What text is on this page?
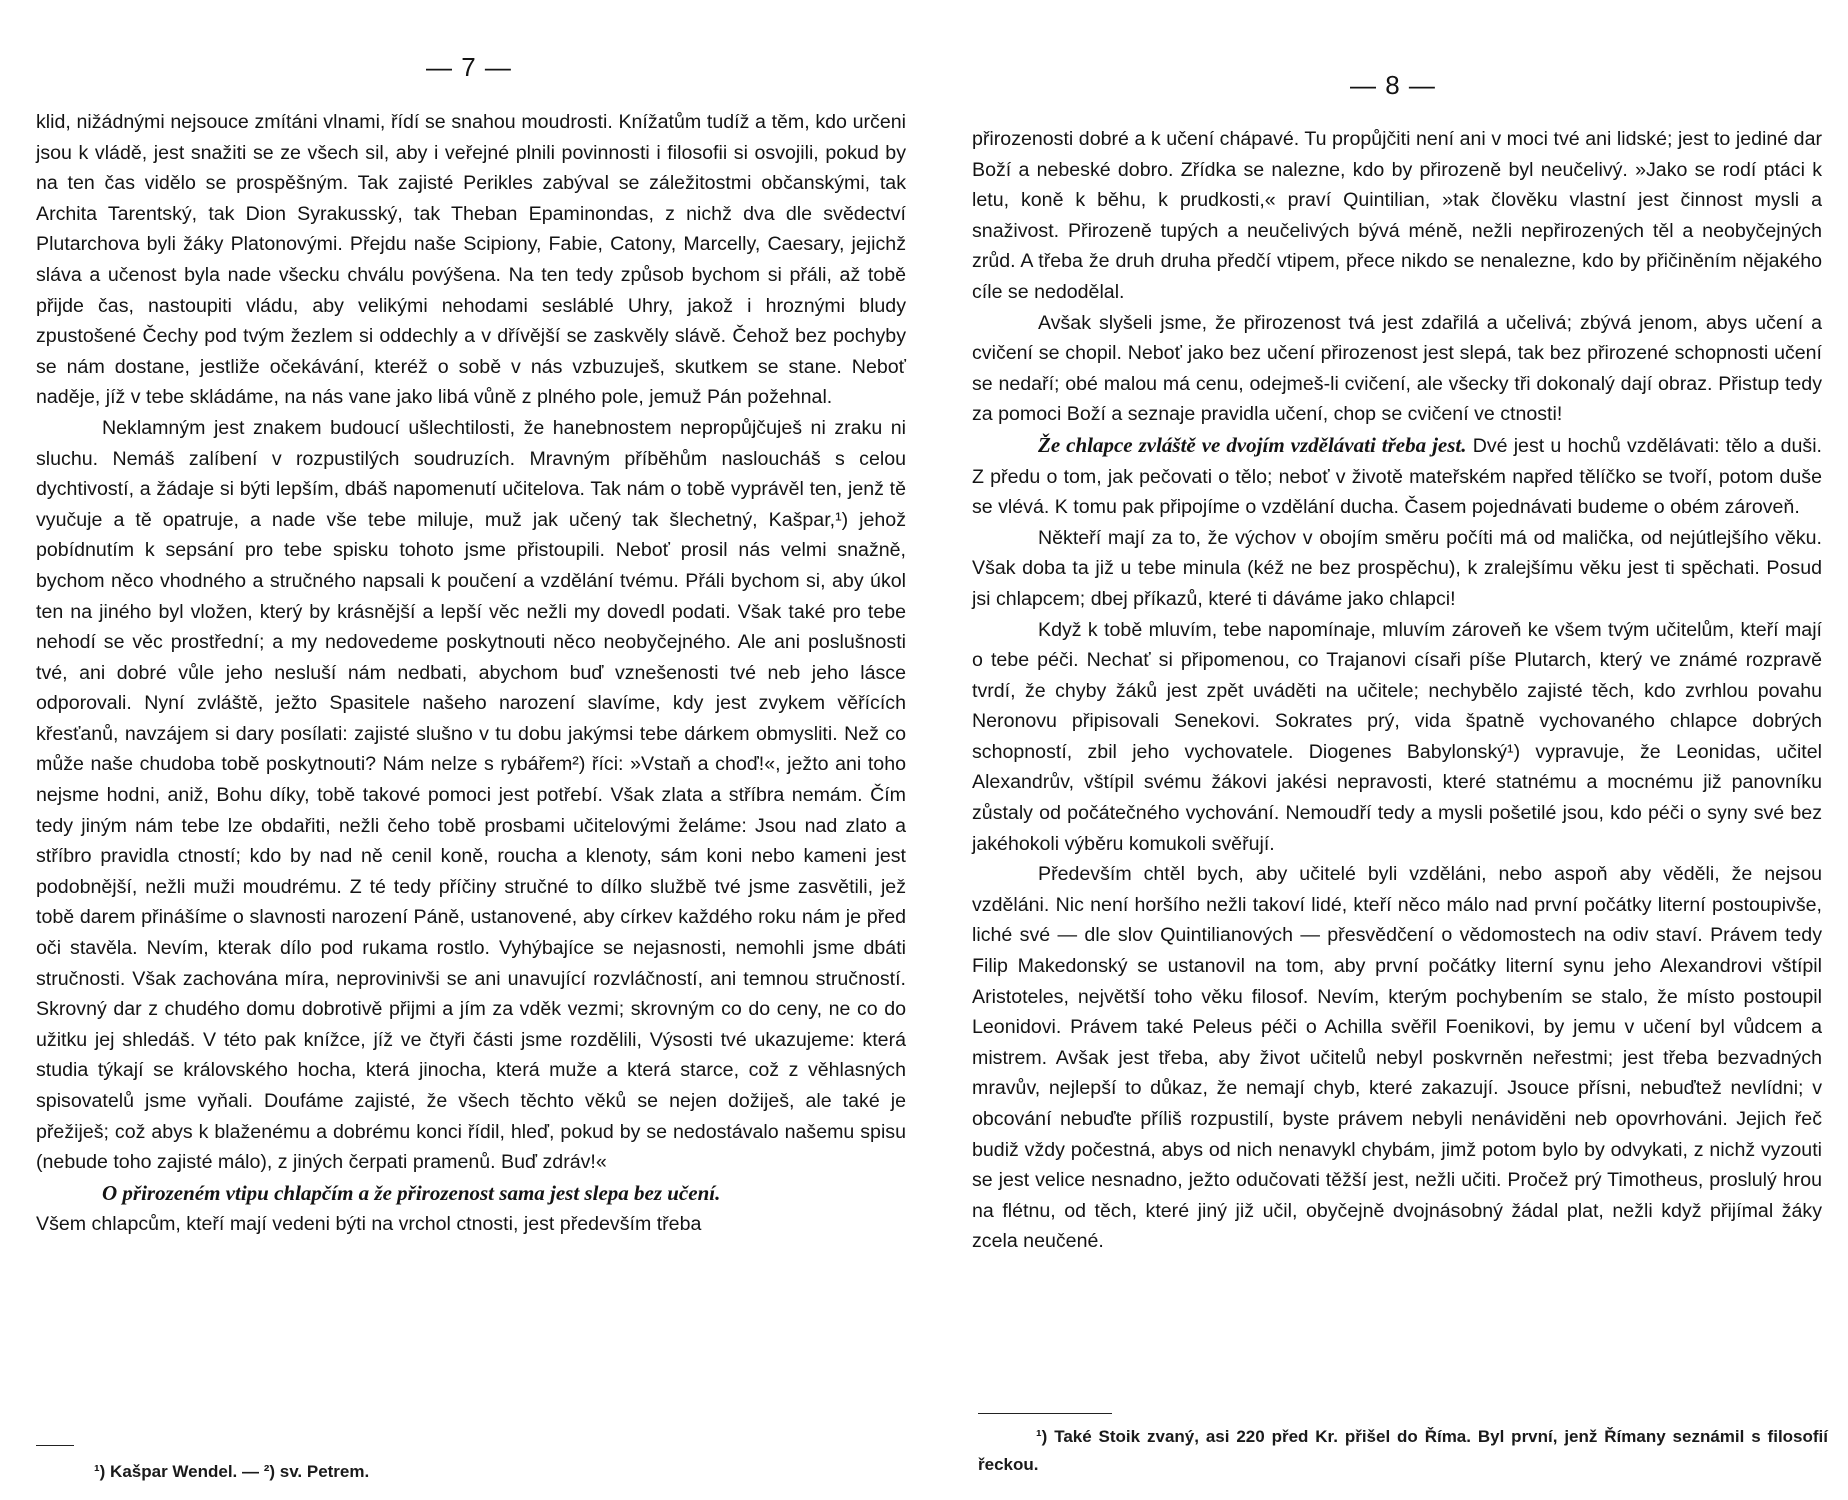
— 7 —

klid, nižádnými nejsouce zmítáni vlnami, řídí se snahou moudrosti. Knížatům tudíž a těm, kdo určeni jsou k vládě, jest snažiti se ze všech sil, aby i veřejné plnili povinnosti i filosofii si osvojili, pokud by na ten čas vidělo se prospěšným. Tak zajisté Perikles zabýval se záležitostmi občanskými, tak Archita Tarentský, tak Dion Syrakusský, tak Theban Epaminondas, z nichž dva dle svědectví Plutarchova byli žáky Platonovými. Přejdu naše Scipiony, Fabie, Catony, Marcelly, Caesary, jejichž sláva a učenost byla nade všecku chválu povýšena. Na ten tedy způsob bychom si přáli, až tobě přijde čas, nastoupiti vládu, aby velikými nehodami sesláblé Uhry, jakož i hroznými bludy zpustošené Čechy pod tvým žezlem si oddechly a v dřívější se zaskvěly slávě. Čehož bez pochyby se nám dostane, jestliže očekávání, kteréž o sobě v nás vzbuzuješ, skutkem se stane. Neboť naděje, jíž v tebe skládáme, na nás vane jako libá vůně z plného pole, jemuž Pán požehnal.

Neklamným jest znakem budoucí ušlechtilosti, že hanebnostem nepropůjčuješ ni zraku ni sluchu. Nemáš zalíbení v rozpustilých soudruzích. Mravným příběhům nasloucháš s celou dychtivostí, a žádaje si býti lepším, dbáš napomenutí učitelova. Tak nám o tobě vyprávěl ten, jenž tě vyučuje a tě opatruje, a nade vše tebe miluje, muž jak učený tak šlechetný, Kašpar,¹) jehož pobídnutím k sepsání pro tebe spisku tohoto jsme přistoupili. Neboť prosil nás velmi snažně, bychom něco vhodného a stručného napsali k poučení a vzdělání tvému. Přáli bychom si, aby úkol ten na jiného byl vložen, který by krásnější a lepší věc nežli my dovedl podati. Však také pro tebe nehodí se věc prostřední; a my nedovedeme poskytnouti něco neobyčejného. Ale ani poslušnosti tvé, ani dobré vůle jeho nesluší nám nedbati, abychom buď vznešenosti tvé neb jeho lásce odporovali. Nyní zvláště, ježto Spasitele našeho narození slavíme, kdy jest zvykem věřících křesťanů, navzájem si dary posílati: zajisté slušno v tu dobu jakýmsi tebe dárkem obmysliti. Než co může naše chudoba tobě poskytnouti? Nám nelze s rybářem²) říci: »Vstaň a choď!«, ježto ani toho nejsme hodni, aniž, Bohu díky, tobě takové pomoci jest potřebí. Však zlata a stříbra nemám. Čím tedy jiným nám tebe lze obdařiti, nežli čeho tobě prosbami učitelovými želáme: Jsou nad zlato a stříbro pravidla ctností; kdo by nad ně cenil koně, roucha a klenoty, sám koni nebo kameni jest podobnější, nežli muži moudrému. Z té tedy příčiny stručné to dílko službě tvé jsme zasvětili, jež tobě darem přinášíme o slavnosti narození Páně, ustanovené, aby církev každého roku nám je před oči stavěla. Nevím, kterak dílo pod rukama rostlo. Vyhýbajíce se nejasnosti, nemohli jsme dbáti stručnosti. Však zachována míra, neprovinivši se ani unavující rozvláčností, ani temnou stručností. Skrovný dar z chudého domu dobrotivě přijmi a jím za vděk vezmi; skrovným co do ceny, ne co do užitku jej shledáš. V této pak knížce, jíž ve čtyři části jsme rozdělili, Výsosti tvé ukazujeme: která studia týkají se královského hocha, která jinocha, která muže a která starce, což z věhlasných spisovatelů jsme vyňali. Doufáme zajisté, že všech těchto věků se nejen dožiješ, ale také je přežiješ; což abys k blaženému a dobrému konci řídil, hleď, pokud by se nedostávalo našemu spisu (nebude toho zajisté málo), z jiných čerpati pramenů. Buď zdráv!«

O přirozeném vtipu chlapčím a že přirozenost sama jest slepa bez učení.

Všem chlapcům, kteří mají vedeni býti na vrchol ctnosti, jest především třeba

¹) Kašpar Wendel. — ²) sv. Petrem.
— 8 —

přirozenosti dobré a k učení chápavé. Tu propůjčiti není ani v moci tvé ani lidské; jest to jediné dar Boží a nebeské dobro. Zřídka se nalezne, kdo by přirozeně byl neučelivý. »Jako se rodí ptáci k letu, koně k běhu, k prudkosti,« praví Quintilian, »tak člověku vlastní jest činnost mysli a snaživost. Přirozeně tupých a neučelivých bývá méně, nežli nepřirozených těl a neobyčejných zrůd. A třeba že druh druha předčí vtipem, přece nikdo se nenalezne, kdo by přičiněním nějakého cíle se nedodělal.

Avšak slyšeli jsme, že přirozenost tvá jest zdařilá a učelivá; zbývá jenom, abys učení a cvičení se chopil. Neboť jako bez učení přirozenost jest slepá, tak bez přirozené schopnosti učení se nedaří; obé malou má cenu, odejmeš-li cvičení, ale všecky tři dokonalý dají obraz. Přistup tedy za pomoci Boží a seznaje pravidla učení, chop se cvičení ve ctnosti!

Že chlapce zvláště ve dvojím vzdělávati třeba jest. Dvé jest u hochů vzdělávati: tělo a duši. Z předu o tom, jak pečovati o tělo; neboť v životě mateřském napřed tělíčko se tvoří, potom duše se vlévá. K tomu pak připojíme o vzdělání ducha. Časem pojednávati budeme o obém zároveň.

Někteří mají za to, že výchov v obojím směru počíti má od malička, od nejútlejšího věku. Však doba ta již u tebe minula (kéž ne bez prospěchu), k zralejšímu věku jest ti spěchati. Posud jsi chlapcem; dbej příkazů, které ti dáváme jako chlapci!

Když k tobě mluvím, tebe napomínaje, mluvím zároveň ke všem tvým učitelům, kteří mají o tebe péči. Nechať si připomenou, co Trajanovi císaři píše Plutarch, který ve známé rozpravě tvrdí, že chyby žáků jest zpět uváděti na učitele; nechybělo zajisté těch, kdo zvrhlou povahu Neronovu připisovali Senekovi. Sokrates prý, vida špatně vychovaného chlapce dobrých schopností, zbil jeho vychovatele. Diogenes Babylonský¹) vypravuje, že Leonidas, učitel Alexandrův, vštípil svému žákovi jakési nepravosti, které statnému a mocnému již panovníku zůstaly od počátečného vychování. Nemoudří tedy a mysli pošetilé jsou, kdo péči o syny své bez jakéhokoli výběru komukoli svěřují.

Především chtěl bych, aby učitelé byli vzděláni, nebo aspoň aby věděli, že nejsou vzděláni. Nic není horšího nežli takoví lidé, kteří něco málo nad první počátky literní postoupivše, liché své — dle slov Quintilianových — přesvědčení o vědomostech na odiv staví. Právem tedy Filip Makedonský se ustanovil na tom, aby první počátky literní synu jeho Alexandrovi vštípil Aristoteles, největší toho věku filosof. Nevím, kterým pochybením se stalo, že místo postoupil Leonidovi. Právem také Peleus péči o Achilla svěřil Foenikovi, by jemu v učení byl vůdcem a mistrem. Avšak jest třeba, aby život učitelů nebyl poskvrněn neřestmi; jest třeba bezvadných mravův, nejlepší to důkaz, že nemají chyb, které zakazují. Jsouce přísni, nebuďtež nevlídni; v obcování nebuďte příliš rozpustilí, byste právem nebyli nenáviděni neb opovrhováni. Jejich řeč budiž vždy počestná, abys od nich nenavykl chybám, jimž potom bylo by odvykati, z nichž vyzouti se jest velice nesnadno, ježto odučovati těžší jest, nežli učiti. Pročež prý Timotheus, proslulý hrou na flétnu, od těch, které jiný již učil, obyčejně dvojnásobný žádal plat, nežli když přijímal žáky zcela neučené.

¹) Také Stoik zvaný, asi 220 před Kr. přišel do Říma. Byl první, jenž Římany seznámil s filosofií řeckou.
